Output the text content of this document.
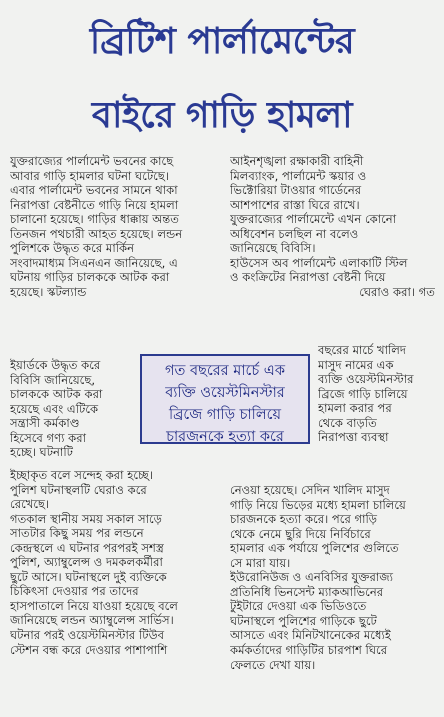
ব্রিটিশ পার্লামেন্টের
বাইরে গাড়ি হামলা
যুক্তরাজ্যের পার্লামেন্ট ভবনের কাছে
আবার গাড়ি হামলার ঘটনা ঘটেছে।
এবার পার্লামেন্ট ভবনের সামনে থাকা
নিরাপত্তা বেষ্টনীতে গাড়ি নিয়ে হামলা
চালানো হয়েছে। গাড়ির ধাক্কায় অন্তত
তিনজন পথচারী আহত হয়েছে। লন্ডন
পুলিশকে উদ্ধৃত করে মার্কিন
সংবাদমাধ্যম সিএনএন জানিয়েছে, এ
ঘটনায় গাড়ির চালককে আটক করা
হয়েছে। স্কটল্যান্ড
ইয়ার্ডকে উদ্ধৃত করে
বিবিসি জানিয়েছে,
চালককে আটক করা
হয়েছে এবং এটিকে
সন্ত্রাসী কর্মকাণ্ড
হিসেবে গণ্য করা
হচ্ছে। ঘটনাটি
ইচ্ছাকৃত বলে সন্দেহ করা হচ্ছে।
পুলিশ ঘটনাস্থলটি ঘেরাও করে
রেখেছে।
গতকাল স্থানীয় সময় সকাল সাড়ে
সাতটার কিছু সময় পর লন্ডনে
কেন্দ্রস্থলে এ ঘটনার পরপরই সশস্ত্র
পুলিশ, অ্যাম্বুলেন্স ও দমকলকর্মীরা
ছুটে আসে। ঘটনাস্থলে দুই ব্যক্তিকে
চিকিৎসা দেওয়ার পর তাদের
হাসপাতালে নিয়ে যাওয়া হয়েছে বলে
জানিয়েছে লন্ডন অ্যাম্বুলেন্স সার্ভিস।
ঘটনার পরই ওয়েস্টমিনস্টার টিউব
স্টেশন বন্ধ করে দেওয়ার পাশাপাশি
আইনশৃঙ্খলা রক্ষাকারী বাহিনী
মিলব্যাংক, পার্লামেন্ট স্কয়ার ও
ভিক্টোরিয়া টাওয়ার গার্ডেনের
আশপাশের রাস্তা ঘিরে রাখে।
যুক্তরাজ্যের পার্লামেন্টে এখন কোনো
অধিবেশন চলছিল না বলেও
জানিয়েছে বিবিসি।
হাউসেস অব পার্লামেন্ট এলাকাটি স্টিল
ও কংক্রিটের নিরাপত্তা বেষ্টনী দিয়ে
ঘেরাও করা। গত
বছরের মার্চে খালিদ
মাসুদ নামের এক
ব্যক্তি ওয়েস্টমিনস্টার
ব্রিজে গাড়ি চালিয়ে
হামলা করার পর
থেকে বাড়তি
নিরাপত্তা ব্যবস্থা
নেওয়া হয়েছে। সেদিন খালিদ মাসুদ
গাড়ি নিয়ে ভিড়ের মধ্যে হামলা চালিয়ে
চারজনকে হত্যা করে। পরে গাড়ি
থেকে নেমে ছুরি দিয়ে নির্বিচারে
হামলার এক পর্যায়ে পুলিশের গুলিতে
সে মারা যায়।
ইউরোনিউজ ও এনবিসির যুক্তরাজ্য
প্রতিনিধি ভিনসেন্ট ম্যাকআভিনের
টুইটারে দেওয়া এক ভিডিওতে
ঘটনাস্থলে পুলিশের গাড়িকে ছুটে
আসতে এবং মিনিটখানেকের মধ্যেই
কর্মকর্তাদের গাড়িটির চারপাশ ঘিরে
ফেলতে দেখা যায়।
গত বছরের মার্চে এক
ব্যক্তি ওয়েস্টমিনস্টার
ব্রিজে গাড়ি চালিয়ে
চারজনকে হত্যা করে
